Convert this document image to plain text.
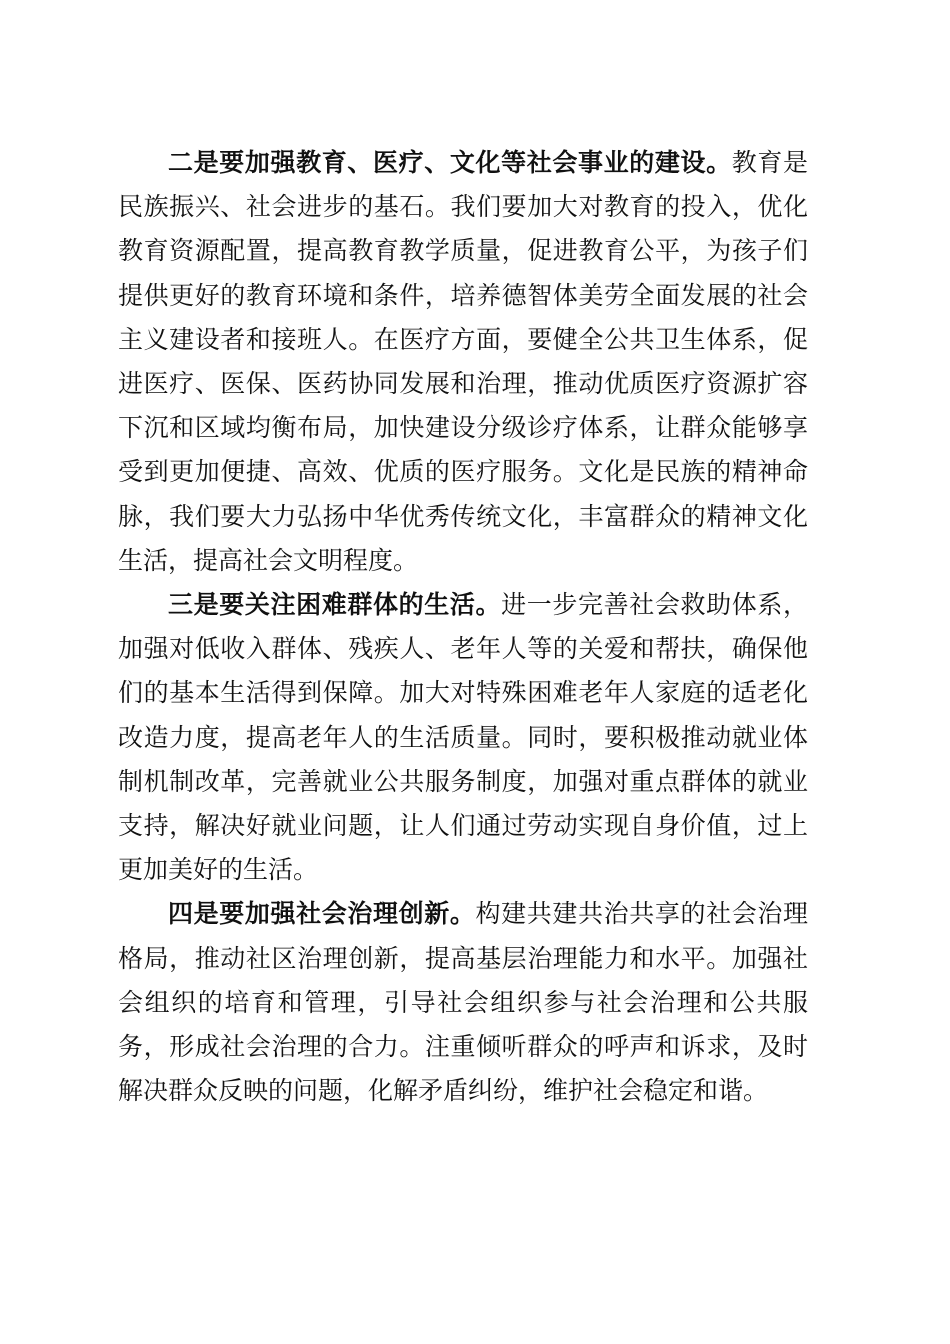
二是要加强教育、医疗、文化等社会事业的建设。教育是民族振兴、社会进步的基石。我们要加大对教育的投入，优化教育资源配置，提高教育教学质量，促进教育公平，为孩子们提供更好的教育环境和条件，培养德智体美劳全面发展的社会主义建设者和接班人。在医疗方面，要健全公共卫生体系，促进医疗、医保、医药协同发展和治理，推动优质医疗资源扩容下沉和区域均衡布局，加快建设分级诊疗体系，让群众能够享受到更加便捷、高效、优质的医疗服务。文化是民族的精神命脉，我们要大力弘扬中华优秀传统文化，丰富群众的精神文化生活，提高社会文明程度。

三是要关注困难群体的生活。进一步完善社会救助体系，加强对低收入群体、残疾人、老年人等的关爱和帮扶，确保他们的基本生活得到保障。加大对特殊困难老年人家庭的适老化改造力度，提高老年人的生活质量。同时，要积极推动就业体制机制改革，完善就业公共服务制度，加强对重点群体的就业支持，解决好就业问题，让人们通过劳动实现自身价值，过上更加美好的生活。

四是要加强社会治理创新。构建共建共治共享的社会治理格局，推动社区治理创新，提高基层治理能力和水平。加强社会组织的培育和管理，引导社会组织参与社会治理和公共服务，形成社会治理的合力。注重倾听群众的呼声和诉求，及时解决群众反映的问题，化解矛盾纠纷，维护社会稳定和谐。
